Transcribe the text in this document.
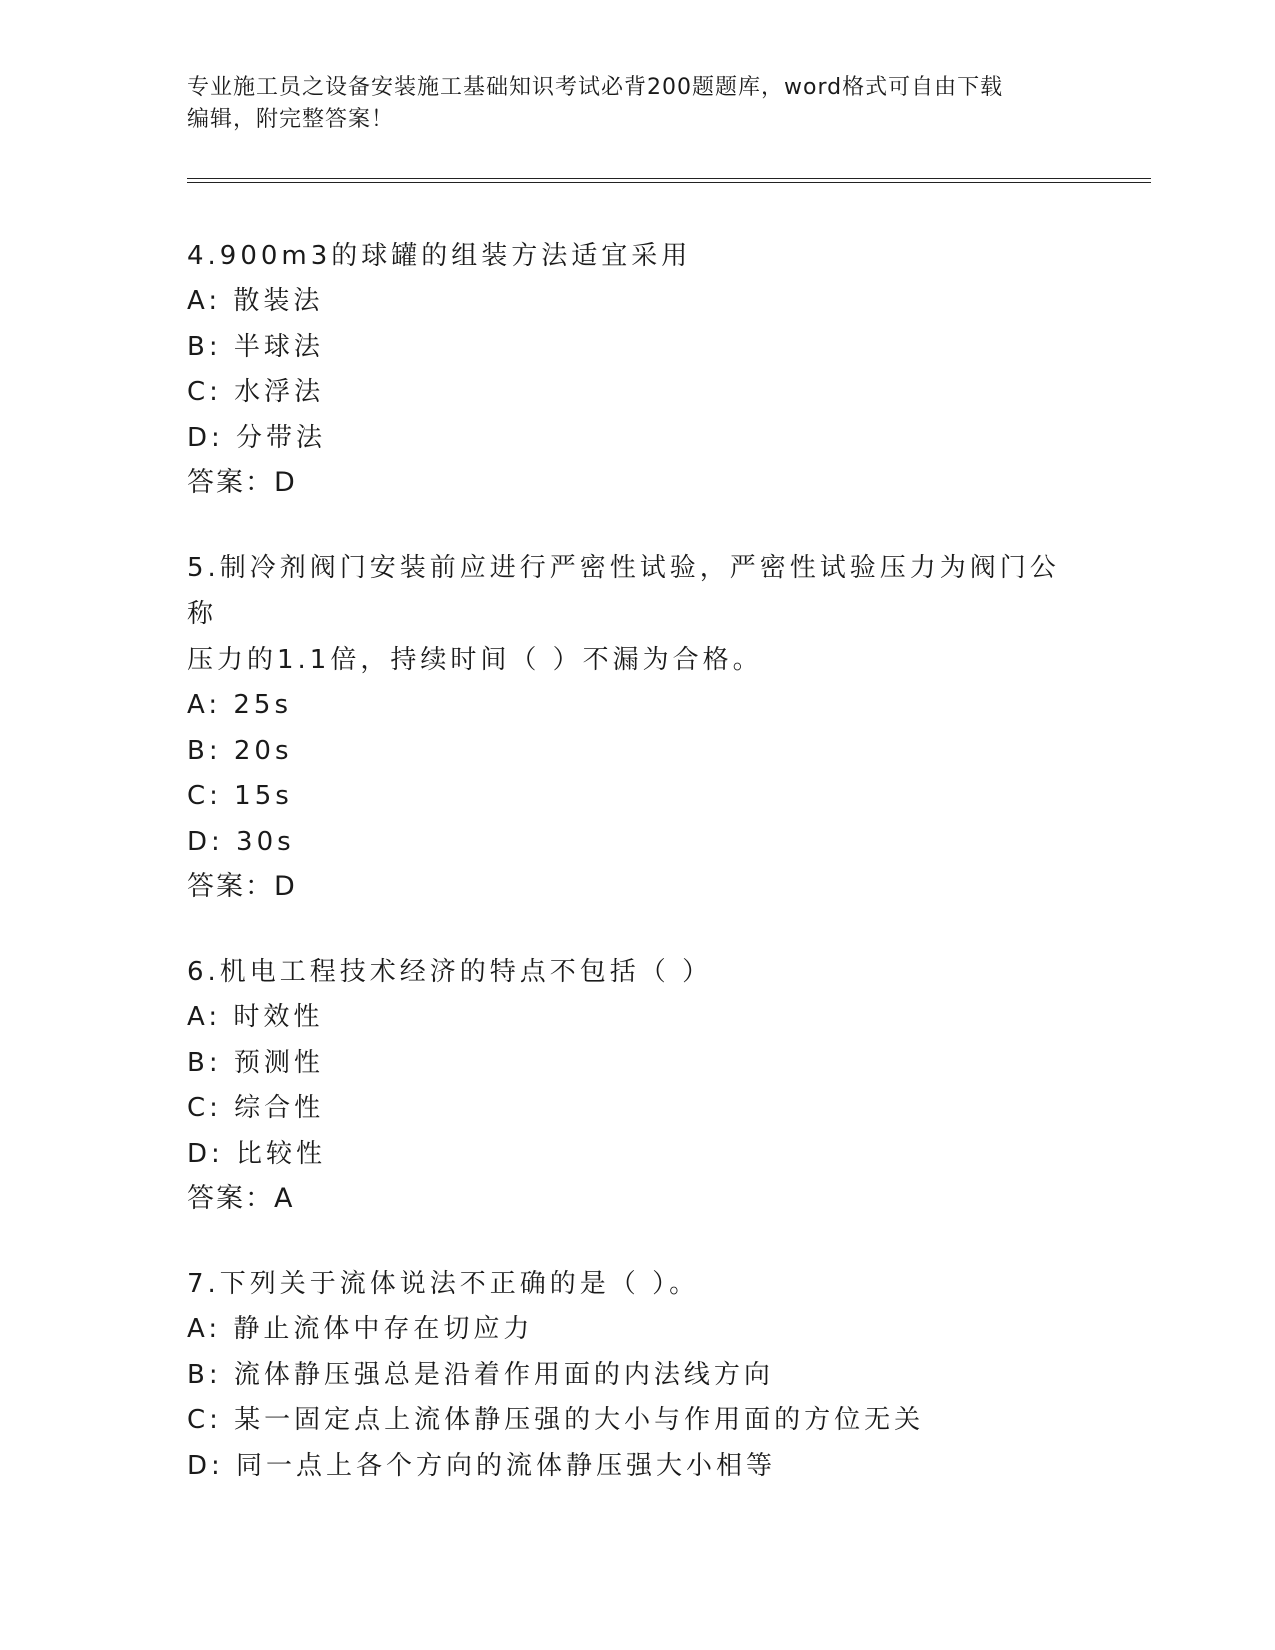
专业施工员之设备安装施工基础知识考试必背200题题库，word格式可自由下载
编辑，附完整答案！
4.900m3的球罐的组装方法适宜采用
A: 散装法
B: 半球法
C: 水浮法
D: 分带法
答案：D
5.制冷剂阀门安装前应进行严密性试验，严密性试验压力为阀门公称
压力的1.1倍，持续时间（ ）不漏为合格。
A: 25s
B: 20s
C: 15s
D: 30s
答案：D
6.机电工程技术经济的特点不包括（ ）
A: 时效性
B: 预测性
C: 综合性
D: 比较性
答案：A
7.下列关于流体说法不正确的是（ ）。
A: 静止流体中存在切应力
B: 流体静压强总是沿着作用面的内法线方向
C: 某一固定点上流体静压强的大小与作用面的方位无关
D: 同一点上各个方向的流体静压强大小相等
